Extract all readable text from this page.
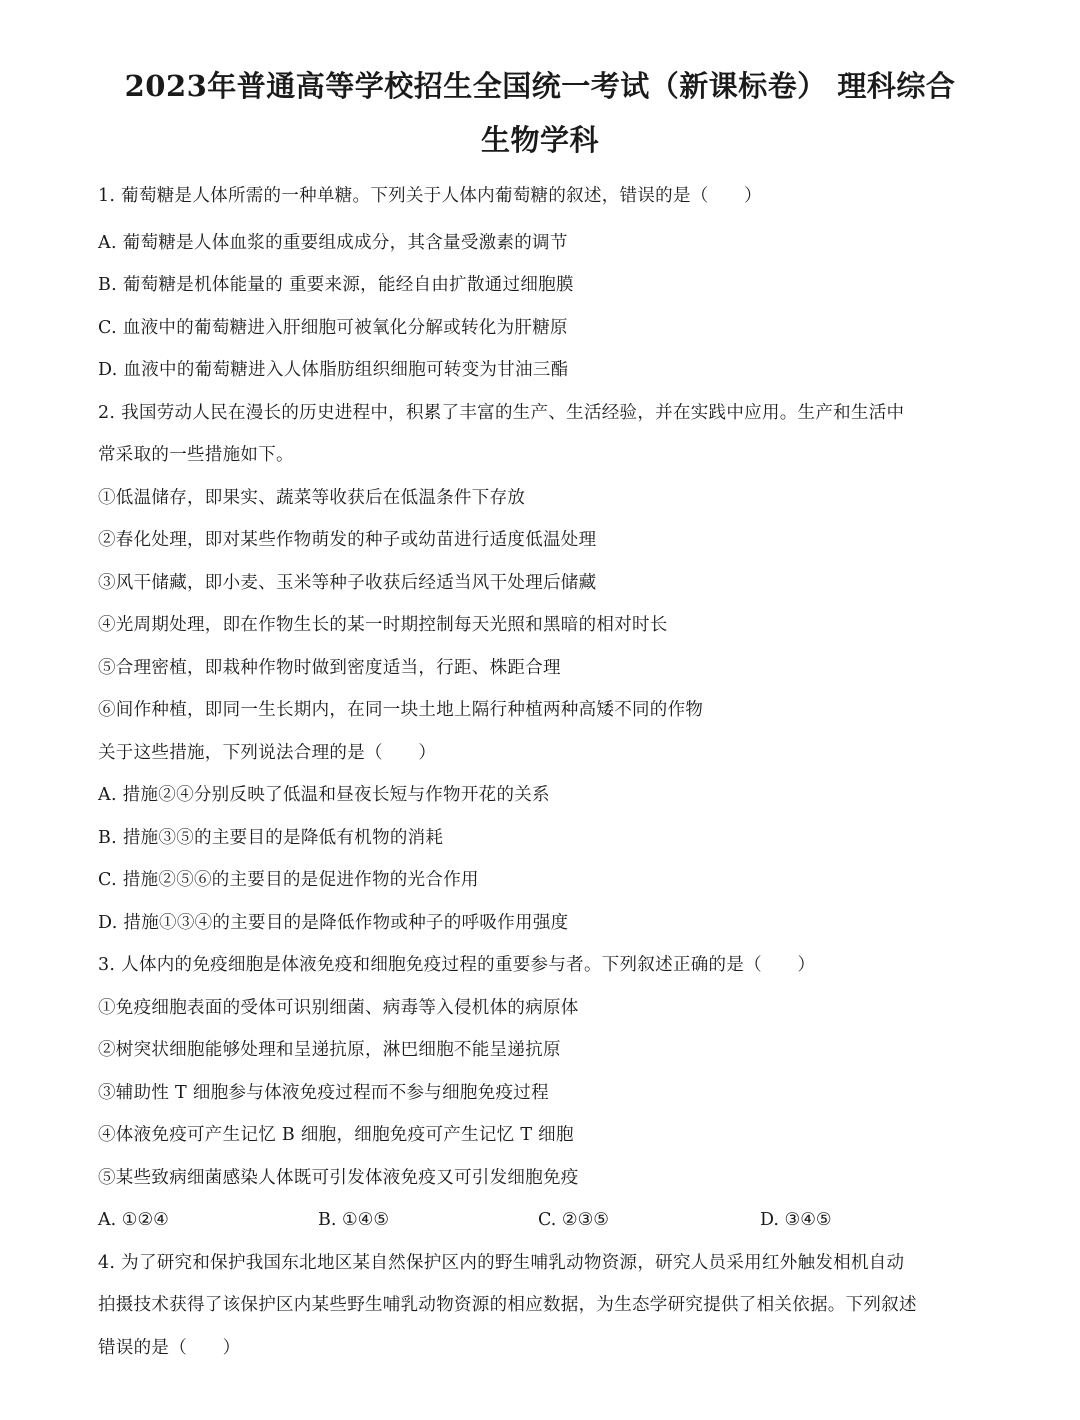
2023年普通高等学校招生全国统一考试（新课标卷） 理科综合
生物学科
1. 葡萄糖是人体所需的一种单糖。下列关于人体内葡萄糖的叙述，错误的是（　　）
A. 葡萄糖是人体血浆的重要组成成分，其含量受激素的调节
B. 葡萄糖是机体能量的 重要来源，能经自由扩散通过细胞膜
C. 血液中的葡萄糖进入肝细胞可被氧化分解或转化为肝糖原
D. 血液中的葡萄糖进入人体脂肪组织细胞可转变为甘油三酯
2. 我国劳动人民在漫长的历史进程中，积累了丰富的生产、生活经验，并在实践中应用。生产和生活中
常采取的一些措施如下。
①低温储存，即果实、蔬菜等收获后在低温条件下存放
②春化处理，即对某些作物萌发的种子或幼苗进行适度低温处理
③风干储藏，即小麦、玉米等种子收获后经适当风干处理后储藏
④光周期处理，即在作物生长的某一时期控制每天光照和黑暗的相对时长
⑤合理密植，即栽种作物时做到密度适当，行距、株距合理
⑥间作种植，即同一生长期内，在同一块土地上隔行种植两种高矮不同的作物
关于这些措施，下列说法合理的是（　　）
A. 措施②④分别反映了低温和昼夜长短与作物开花的关系
B. 措施③⑤的主要目的是降低有机物的消耗
C. 措施②⑤⑥的主要目的是促进作物的光合作用
D. 措施①③④的主要目的是降低作物或种子的呼吸作用强度
3. 人体内的免疫细胞是体液免疫和细胞免疫过程的重要参与者。下列叙述正确的是（　　）
①免疫细胞表面的受体可识别细菌、病毒等入侵机体的病原体
②树突状细胞能够处理和呈递抗原，淋巴细胞不能呈递抗原
③辅助性 T 细胞参与体液免疫过程而不参与细胞免疫过程
④体液免疫可产生记忆 B 细胞，细胞免疫可产生记忆 T 细胞
⑤某些致病细菌感染人体既可引发体液免疫又可引发细胞免疫
A. ①②④	B. ①④⑤	C. ②③⑤	D. ③④⑤
4. 为了研究和保护我国东北地区某自然保护区内的野生哺乳动物资源，研究人员采用红外触发相机自动
拍摄技术获得了该保护区内某些野生哺乳动物资源的相应数据，为生态学研究提供了相关依据。下列叙述
错误的是（　　）
